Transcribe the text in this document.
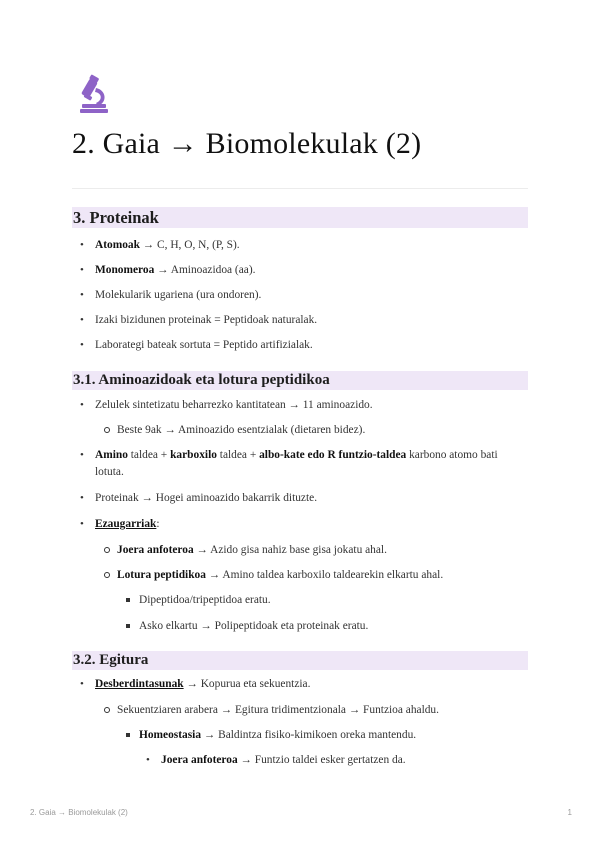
2. Gaia → Biomolekulak (2)
3. Proteinak
• Atomoak → C, H, O, N, (P, S).
• Monomeroa → Aminoazidoa (aa).
• Molekularik ugariena (ura ondoren).
• Izaki bizidunen proteinak = Peptidoak naturalak.
• Laborategi bateak sortuta = Peptido artifizialak.
3.1. Aminoazidoak eta lotura peptidikoa
• Zelulek sintetizatu beharrezko kantitatean → 11 aminoazido.
Beste 9ak → Aminoazido esentzialak (dietaren bidez).
• Amino taldea + karboxilo taldea + albo-kate edo R funtzio-taldea karbono atomo bati
lotuta.
• Proteinak → Hogei aminoazido bakarrik dituzte.
• Ezaugarriak:
Joera anfoteroa → Azido gisa nahiz base gisa jokatu ahal.
Lotura peptidikoa → Amino taldea karboxilo taldearekin elkartu ahal.
Dipeptidoa/tripeptidoa eratu.
Asko elkartu → Polipeptidoak eta proteinak eratu.
3.2. Egitura
• Desberdintasunak → Kopurua eta sekuentzia.
Sekuentziaren arabera → Egitura tridimentzionala → Funtzioa ahaldu.
Homeostasia → Baldintza fisiko-kimikoen oreka mantendu.
• Joera anfoteroa → Funtzio taldei esker gertatzen da.
2. Gaia → Biomolekulak (2)	1
